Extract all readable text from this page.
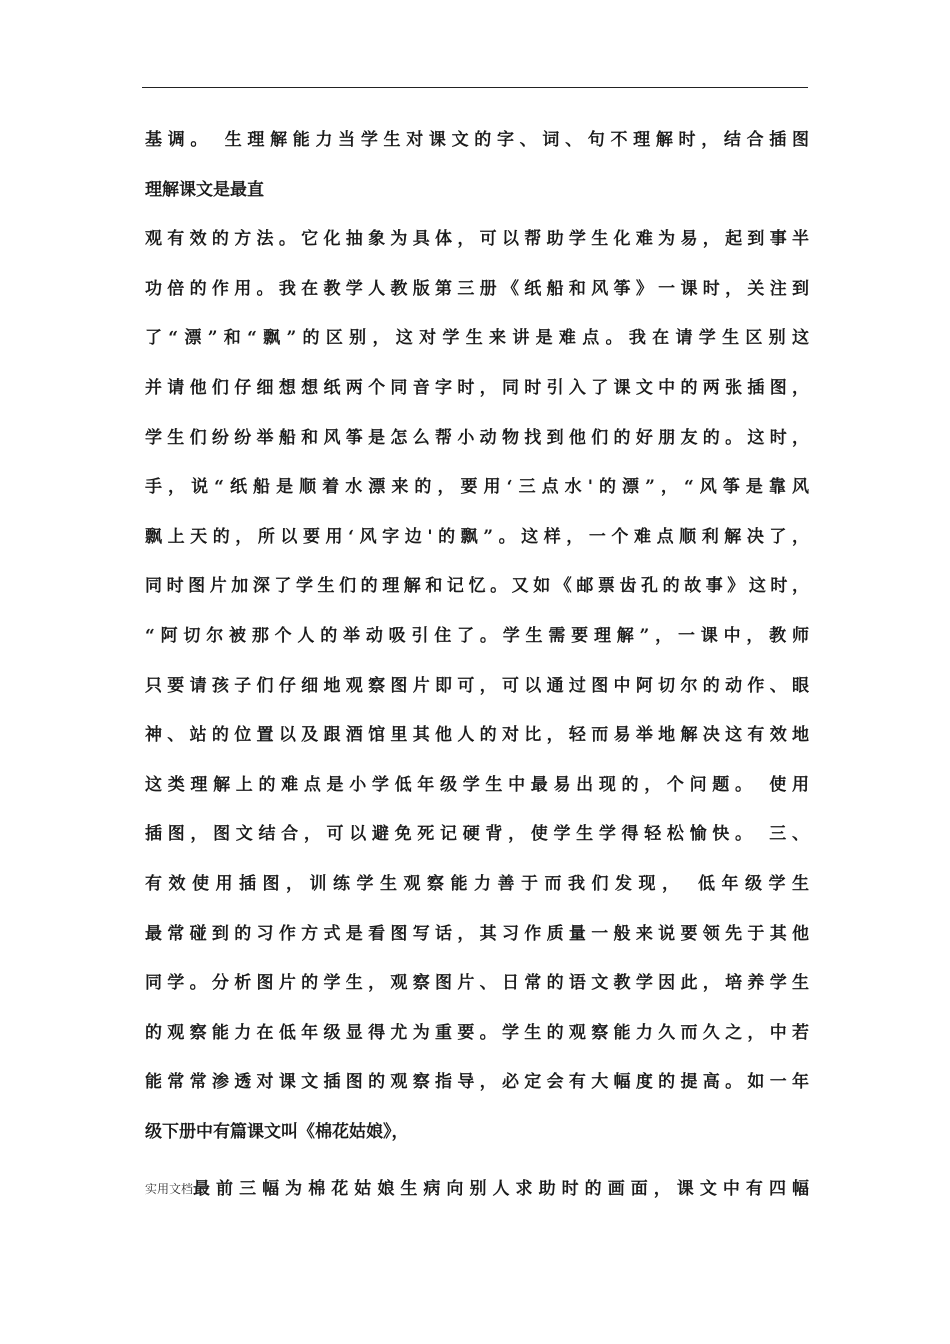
基调。 生理解能力当学生对课文的字、词、句不理解时，结合插图
理解课文是最直
观有效的方法。它化抽象为具体，可以帮助学生化难为易，起到事半
功倍的作用。我在教学人教版第三册《纸船和风筝》一课时，关注到
了“漂”和“飘”的区别，这对学生来讲是难点。我在请学生区别这
并请他们仔细想想纸两个同音字时，同时引入了课文中的两张插图，
学生们纷纷举船和风筝是怎么帮小动物找到他们的好朋友的。这时，
手，说“纸船是顺着水漂来的，要用‘三点水'的漂”，“风筝是靠风
飘上天的，所以要用‘风字边'的飘”。这样，一个难点顺利解决了，
同时图片加深了学生们的理解和记忆。又如《邮票齿孔的故事》这时，
“阿切尔被那个人的举动吸引住了。学生需要理解”，一课中，教师
只要请孩子们仔细地观察图片即可，可以通过图中阿切尔的动作、眼
神、站的位置以及跟酒馆里其他人的对比，轻而易举地解决这有效地
这类理解上的难点是小学低年级学生中最易出现的，个问题。 使用
插图，图文结合，可以避免死记硬背，使学生学得轻松愉快。 三、
有效使用插图，训练学生观察能力善于而我们发现， 低年级学生
最常碰到的习作方式是看图写话，其习作质量一般来说要领先于其他
同学。分析图片的学生，观察图片、日常的语文教学因此，培养学生
的观察能力在低年级显得尤为重要。学生的观察能力久而久之，中若
能常常渗透对课文插图的观察指导，必定会有大幅度的提高。如一年
级下册中有篇课文叫《棉花姑娘》，
实用文档 最前三幅为棉花姑娘生病向别人求助时的画面，课文中有四幅
